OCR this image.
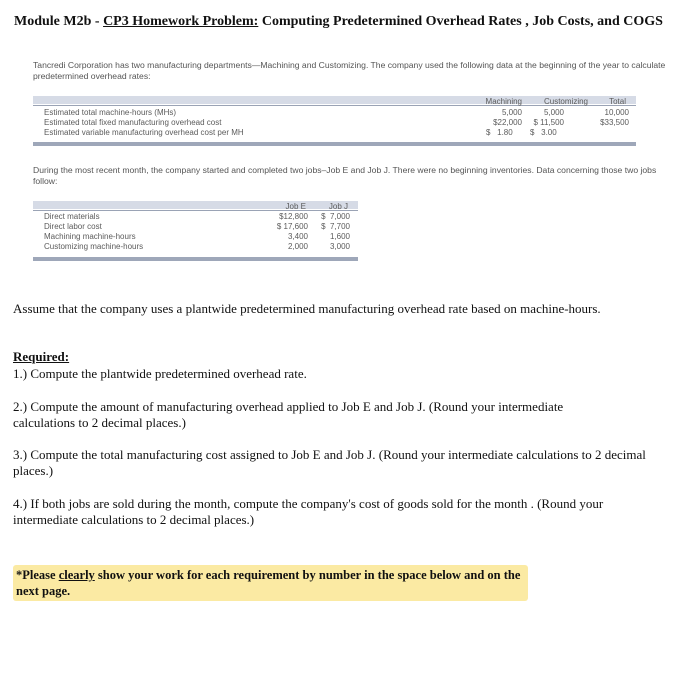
Module M2b - CP3 Homework Problem: Computing Predetermined Overhead Rates , Job Costs, and COGS
Tancredi Corporation has two manufacturing departments—Machining and Customizing. The company used the following data at the beginning of the year to calculate predetermined overhead rates:
Machining	Customizing	Total
Estimated total machine-hours (MHs)	5,000	5,000	10,000
Estimated total fixed manufacturing overhead cost	$22,000	$ 11,500	$33,500
Estimated variable manufacturing overhead cost per MH	$   1.80 $   3.00
During the most recent month, the company started and completed two jobs–Job E and Job J. There were no beginning inventories. Data concerning those two jobs follow:
Job E	Job J
Direct materials	$12,800	$  7,000
Direct labor cost	$ 17,600	$  7,700
Machining machine-hours	3,400	1,600
Customizing machine-hours	2,000	3,000
Assume that the company uses a plantwide predetermined manufacturing overhead rate based on machine-hours.
Required:
1.) Compute the plantwide predetermined overhead rate.
2.) Compute the amount of manufacturing overhead applied to Job E and Job J. (Round your intermediate calculations to 2 decimal places.)
3.) Compute the total manufacturing cost assigned to Job E and Job J. (Round your intermediate calculations to 2 decimal places.)
4.) If both jobs are sold during the month, compute the company's cost of goods sold for the month . (Round your intermediate calculations to 2 decimal places.)
*Please clearly show your work for each requirement by number in the space below and on the next page.
